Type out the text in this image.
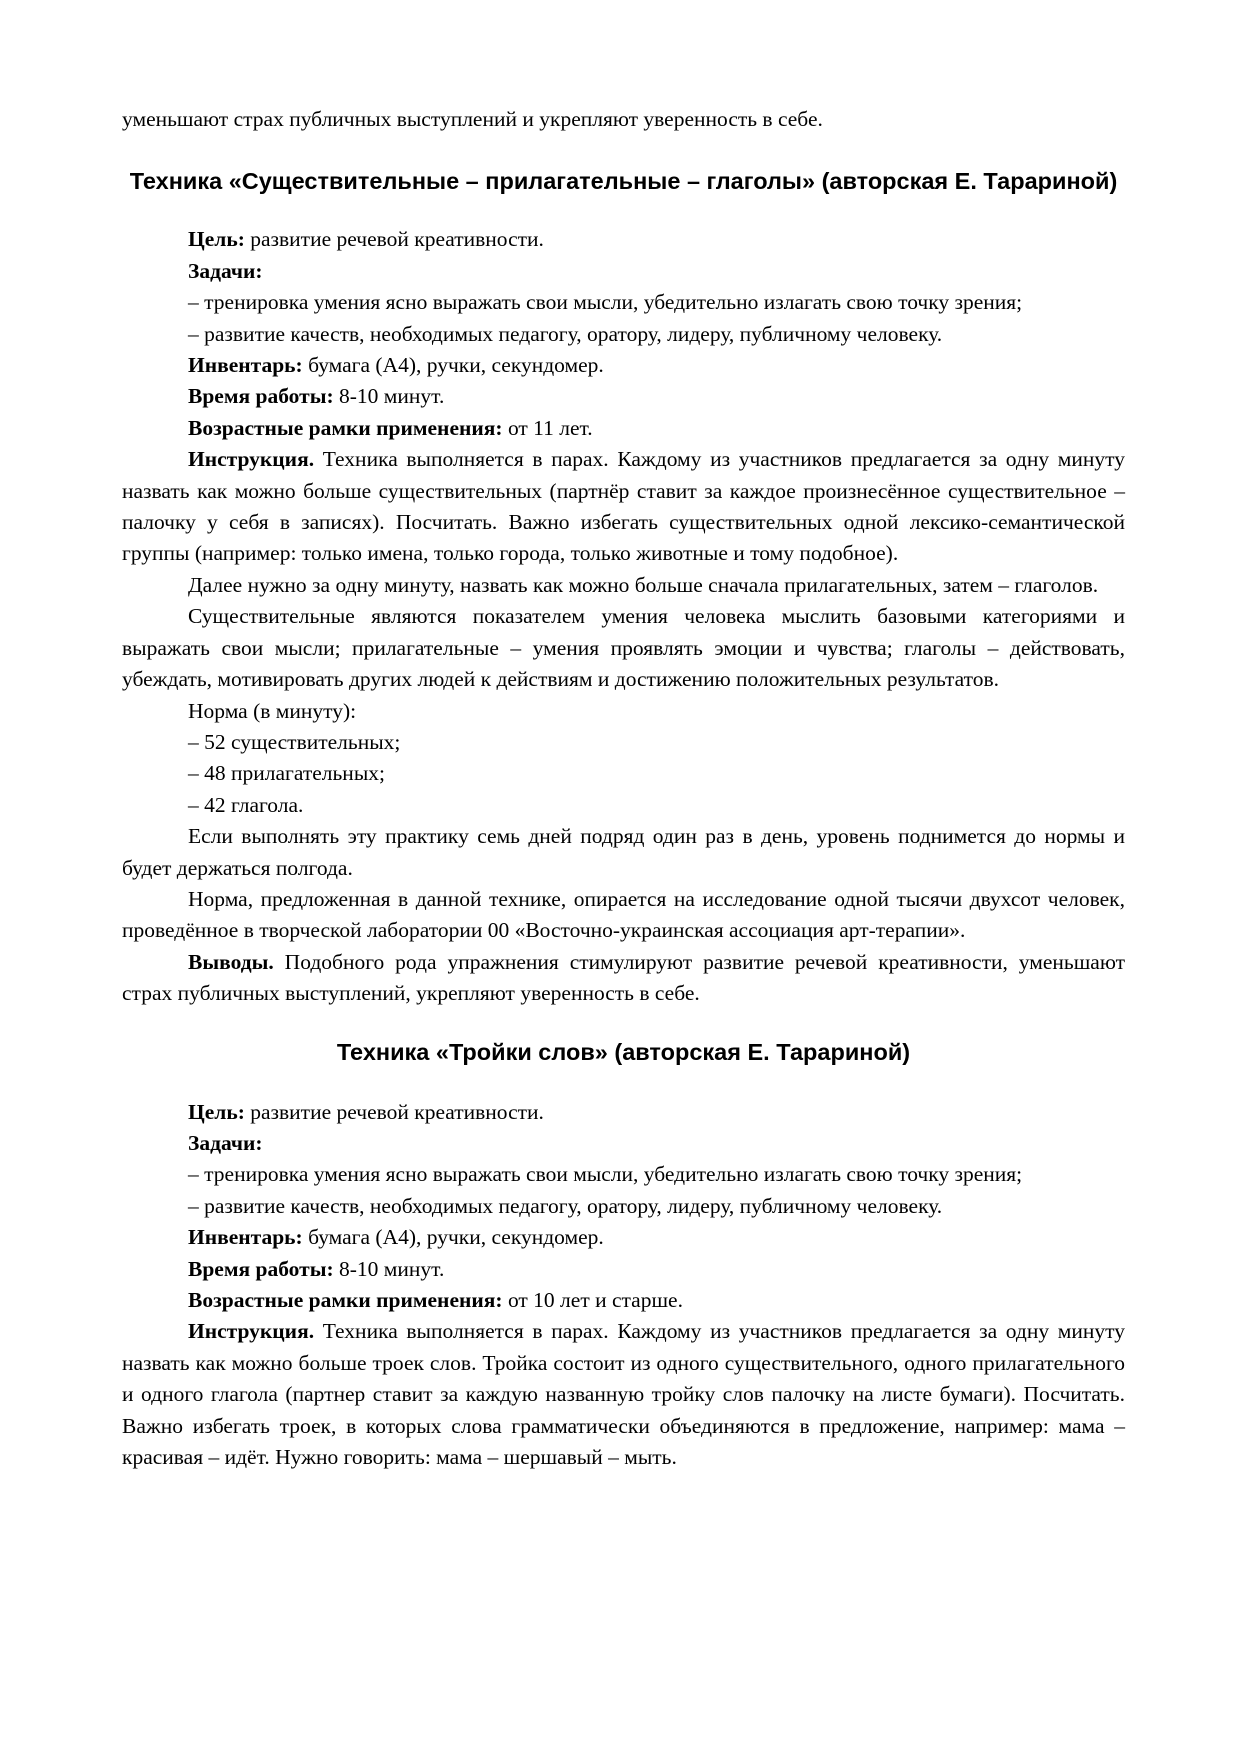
уменьшают страх публичных выступлений и укрепляют уверенность в себе.

Техника «Существительные – прилагательные – глаголы» (авторская Е. Тарариной)

Цель: развитие речевой креативности.

Задачи:

– тренировка умения ясно выражать свои мысли, убедительно излагать свою точку зрения;

– развитие качеств, необходимых педагогу, оратору, лидеру, публичному человеку.

Инвентарь: бумага (А4), ручки, секундомер.

Время работы: 8-10 минут.

Возрастные рамки применения: от 11 лет.

Инструкция. Техника выполняется в парах. Каждому из участников предлагается за одну минуту назвать как можно больше существительных (партнёр ставит за каждое произнесённое существительное – палочку у себя в записях). Посчитать. Важно избегать существительных одной лексико-семантической группы (например: только имена, только города, только животные и тому подобное).

Далее нужно за одну минуту, назвать как можно больше сначала прилагательных, затем – глаголов.

Существительные являются показателем умения человека мыслить базовыми категориями и выражать свои мысли; прилагательные – умения проявлять эмоции и чувства; глаголы – действовать, убеждать, мотивировать других людей к действиям и достижению положительных результатов.

Норма (в минуту):

– 52 существительных;

– 48 прилагательных;

– 42 глагола.

Если выполнять эту практику семь дней подряд один раз в день, уровень поднимется до нормы и будет держаться полгода.

Норма, предложенная в данной технике, опирается на исследование одной тысячи двухсот человек, проведённое в творческой лаборатории 00 «Восточно-украинская ассоциация арт-терапии».

Выводы. Подобного рода упражнения стимулируют развитие речевой креативности, уменьшают страх публичных выступлений, укрепляют уверенность в себе.

Техника «Тройки слов» (авторская Е. Тарариной)

Цель: развитие речевой креативности.

Задачи:

– тренировка умения ясно выражать свои мысли, убедительно излагать свою точку зрения;

– развитие качеств, необходимых педагогу, оратору, лидеру, публичному человеку.

Инвентарь: бумага (А4), ручки, секундомер.

Время работы: 8-10 минут.

Возрастные рамки применения: от 10 лет и старше.

Инструкция. Техника выполняется в парах. Каждому из участников предлагается за одну минуту назвать как можно больше троек слов. Тройка состоит из одного существительного, одного прилагательного и одного глагола (партнер ставит за каждую названную тройку слов палочку на листе бумаги). Посчитать. Важно избегать троек, в которых слова грамматически объединяются в предложение, например: мама – красивая – идёт. Нужно говорить: мама – шершавый – мыть.
